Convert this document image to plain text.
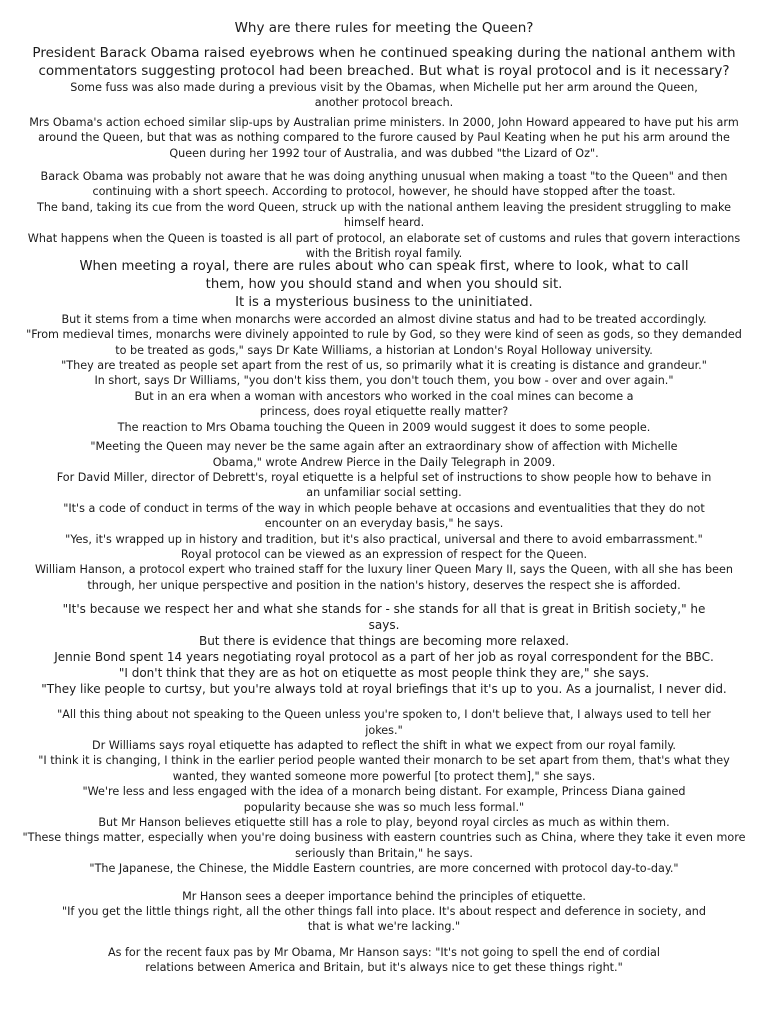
Why are there rules for meeting the Queen?

President Barack Obama raised eyebrows when he continued speaking during the national anthem with commentators suggesting protocol had been breached. But what is royal protocol and is it necessary?

Some fuss was also made during a previous visit by the Obamas, when Michelle put her arm around the Queen, another protocol breach.

Mrs Obama's action echoed similar slip-ups by Australian prime ministers. In 2000, John Howard appeared to have put his arm around the Queen, but that was as nothing compared to the furore caused by Paul Keating when he put his arm around the Queen during her 1992 tour of Australia, and was dubbed "the Lizard of Oz".

Barack Obama was probably not aware that he was doing anything unusual when making a toast "to the Queen" and then continuing with a short speech. According to protocol, however, he should have stopped after the toast.

The band, taking its cue from the word Queen, struck up with the national anthem leaving the president struggling to make himself heard.

What happens when the Queen is toasted is all part of protocol, an elaborate set of customs and rules that govern interactions with the British royal family.

When meeting a royal, there are rules about who can speak first, where to look, what to call them, how you should stand and when you should sit.

It is a mysterious business to the uninitiated.

But it stems from a time when monarchs were accorded an almost divine status and had to be treated accordingly.

"From medieval times, monarchs were divinely appointed to rule by God, so they were kind of seen as gods, so they demanded to be treated as gods," says Dr Kate Williams, a historian at London's Royal Holloway university.

"They are treated as people set apart from the rest of us, so primarily what it is creating is distance and grandeur."

In short, says Dr Williams, "you don't kiss them, you don't touch them, you bow - over and over again."

But in an era when a woman with ancestors who worked in the coal mines can become a princess, does royal etiquette really matter?

The reaction to Mrs Obama touching the Queen in 2009 would suggest it does to some people.

"Meeting the Queen may never be the same again after an extraordinary show of affection with Michelle Obama," wrote Andrew Pierce in the Daily Telegraph in 2009.

For David Miller, director of Debrett's, royal etiquette is a helpful set of instructions to show people how to behave in an unfamiliar social setting.

"It's a code of conduct in terms of the way in which people behave at occasions and eventualities that they do not encounter on an everyday basis," he says.

"Yes, it's wrapped up in history and tradition, but it's also practical, universal and there to avoid embarrassment."

Royal protocol can be viewed as an expression of respect for the Queen.

William Hanson, a protocol expert who trained staff for the luxury liner Queen Mary II, says the Queen, with all she has been through, her unique perspective and position in the nation's history, deserves the respect she is afforded.

"It's because we respect her and what she stands for - she stands for all that is great in British society," he says.

But there is evidence that things are becoming more relaxed.

Jennie Bond spent 14 years negotiating royal protocol as a part of her job as royal correspondent for the BBC.

"I don't think that they are as hot on etiquette as most people think they are," she says.

"They like people to curtsy, but you're always told at royal briefings that it's up to you. As a journalist, I never did.

"All this thing about not speaking to the Queen unless you're spoken to, I don't believe that, I always used to tell her jokes."

Dr Williams says royal etiquette has adapted to reflect the shift in what we expect from our royal family.

"I think it is changing, I think in the earlier period people wanted their monarch to be set apart from them, that's what they wanted, they wanted someone more powerful [to protect them]," she says.

"We're less and less engaged with the idea of a monarch being distant. For example, Princess Diana gained popularity because she was so much less formal."

But Mr Hanson believes etiquette still has a role to play, beyond royal circles as much as within them.

"These things matter, especially when you're doing business with eastern countries such as China, where they take it even more seriously than Britain," he says.

"The Japanese, the Chinese, the Middle Eastern countries, are more concerned with protocol day-to-day."

Mr Hanson sees a deeper importance behind the principles of etiquette.

"If you get the little things right, all the other things fall into place. It's about respect and deference in society, and that is what we're lacking."

As for the recent faux pas by Mr Obama, Mr Hanson says: "It's not going to spell the end of cordial relations between America and Britain, but it's always nice to get these things right."
